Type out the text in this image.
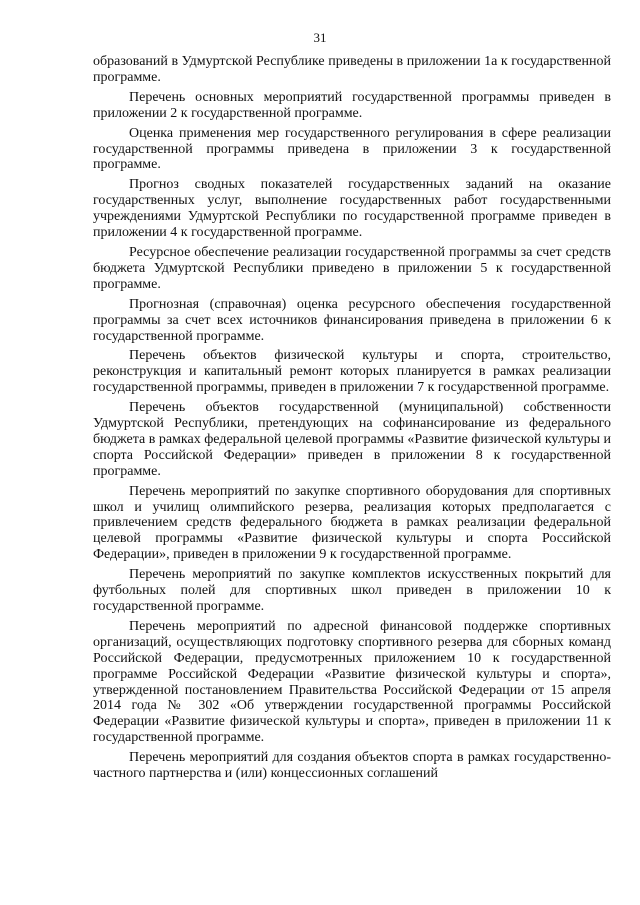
31

образований в Удмуртской Республике приведены в приложении 1а к государственной программе.

Перечень основных мероприятий государственной программы приведен в приложении 2 к государственной программе.

Оценка применения мер государственного регулирования в сфере реализации государственной программы приведена в приложении 3 к государственной программе.

Прогноз сводных показателей государственных заданий на оказание государственных услуг, выполнение государственных работ государственными учреждениями Удмуртской Республики по государственной программе приведен в приложении 4 к государственной программе.

Ресурсное обеспечение реализации государственной программы за счет средств бюджета Удмуртской Республики приведено в приложении 5 к государственной программе.

Прогнозная (справочная) оценка ресурсного обеспечения государственной программы за счет всех источников финансирования приведена в приложении 6 к государственной программе.

Перечень объектов физической культуры и спорта, строительство, реконструкция и капитальный ремонт которых планируется в рамках реализации государственной программы, приведен в приложении 7 к государственной программе.

Перечень объектов государственной (муниципальной) собственности Удмуртской Республики, претендующих на софинансирование из федерального бюджета в рамках федеральной целевой программы «Развитие физической культуры и спорта Российской Федерации» приведен в приложении 8 к государственной программе.

Перечень мероприятий по закупке спортивного оборудования для спортивных школ и училищ олимпийского резерва, реализация которых предполагается с привлечением средств федерального бюджета в рамках реализации федеральной целевой программы «Развитие физической культуры и спорта Российской Федерации», приведен в приложении 9 к государственной программе.

Перечень мероприятий по закупке комплектов искусственных покрытий для футбольных полей для спортивных школ приведен в приложении 10 к государственной программе.

Перечень мероприятий по адресной финансовой поддержке спортивных организаций, осуществляющих подготовку спортивного резерва для сборных команд Российской Федерации, предусмотренных приложением 10 к государственной программе Российской Федерации «Развитие физической культуры и спорта», утвержденной постановлением Правительства Российской Федерации от 15 апреля 2014 года № 302 «Об утверждении государственной программы Российской Федерации «Развитие физической культуры и спорта», приведен в приложении 11 к государственной программе.

Перечень мероприятий для создания объектов спорта в рамках государственно-частного партнерства и (или) концессионных соглашений
